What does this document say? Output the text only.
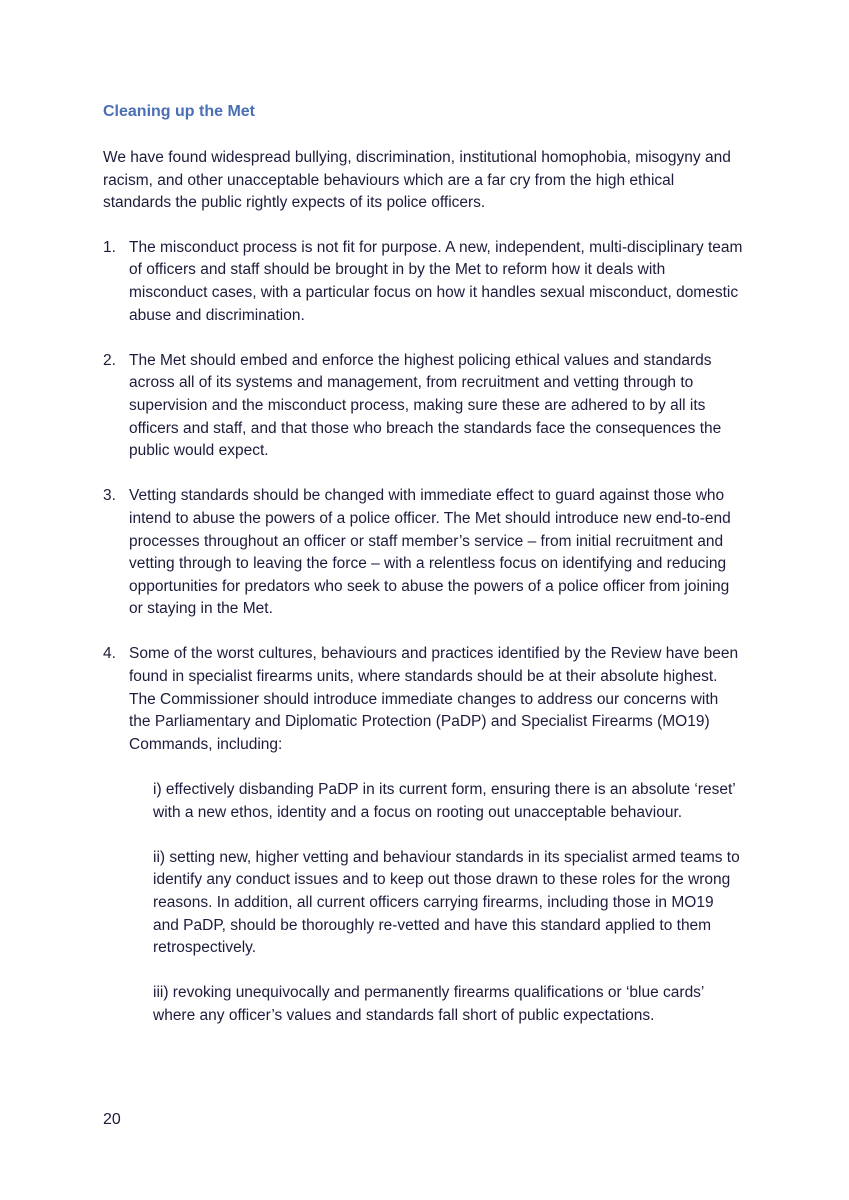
Cleaning up the Met

We have found widespread bullying, discrimination, institutional homophobia, misogyny and racism, and other unacceptable behaviours which are a far cry from the high ethical standards the public rightly expects of its police officers.

1. The misconduct process is not fit for purpose. A new, independent, multi-disciplinary team of officers and staff should be brought in by the Met to reform how it deals with misconduct cases, with a particular focus on how it handles sexual misconduct, domestic abuse and discrimination.
2. The Met should embed and enforce the highest policing ethical values and standards across all of its systems and management, from recruitment and vetting through to supervision and the misconduct process, making sure these are adhered to by all its officers and staff, and that those who breach the standards face the consequences the public would expect.
3. Vetting standards should be changed with immediate effect to guard against those who intend to abuse the powers of a police officer. The Met should introduce new end-to-end processes throughout an officer or staff member’s service – from initial recruitment and vetting through to leaving the force – with a relentless focus on identifying and reducing opportunities for predators who seek to abuse the powers of a police officer from joining or staying in the Met.
4. Some of the worst cultures, behaviours and practices identified by the Review have been found in specialist firearms units, where standards should be at their absolute highest. The Commissioner should introduce immediate changes to address our concerns with the Parliamentary and Diplomatic Protection (PaDP) and Specialist Firearms (MO19) Commands, including:
i) effectively disbanding PaDP in its current form, ensuring there is an absolute ‘reset’ with a new ethos, identity and a focus on rooting out unacceptable behaviour.
ii) setting new, higher vetting and behaviour standards in its specialist armed teams to identify any conduct issues and to keep out those drawn to these roles for the wrong reasons. In addition, all current officers carrying firearms, including those in MO19 and PaDP, should be thoroughly re-vetted and have this standard applied to them retrospectively.
iii) revoking unequivocally and permanently firearms qualifications or ‘blue cards’ where any officer’s values and standards fall short of public expectations.
20
